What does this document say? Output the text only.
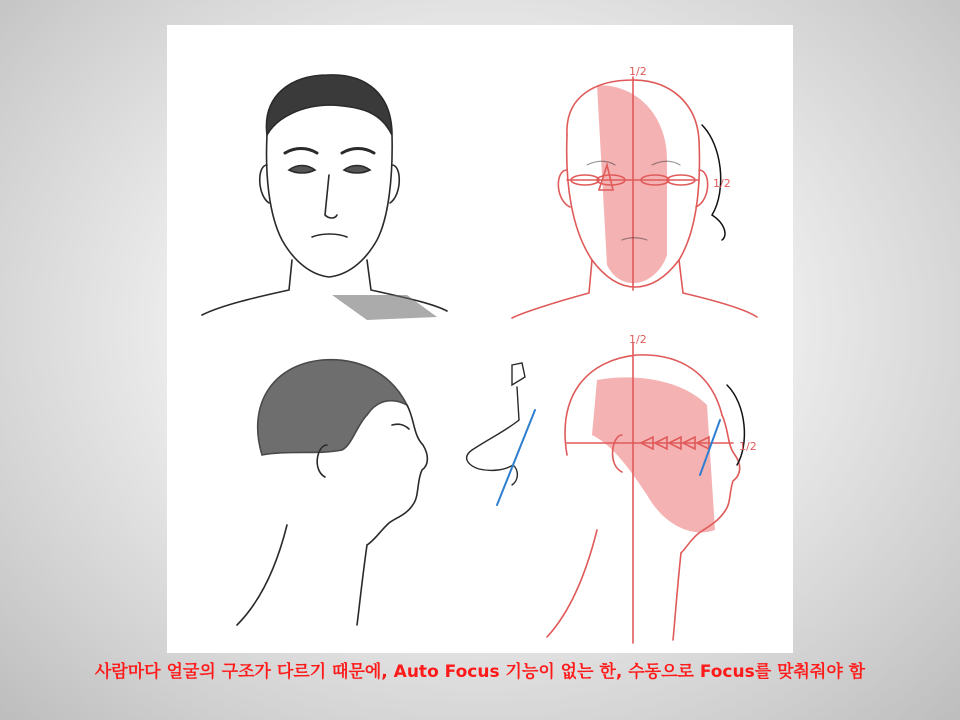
1/2
1/2
1/2
1/2
사람마다 얼굴의 구조가 다르기 때문에, Auto Focus 기능이 없는 한, 수동으로 Focus를 맞춰줘야 함
